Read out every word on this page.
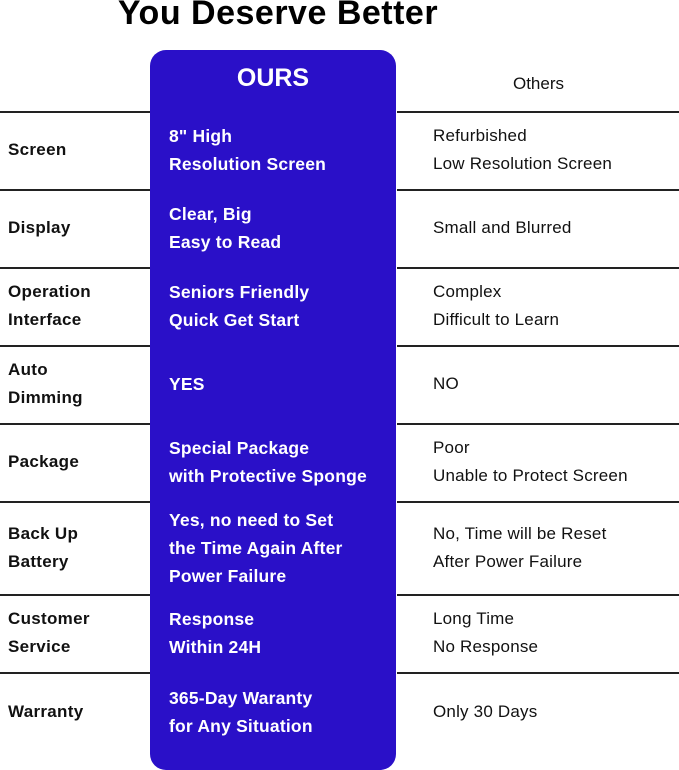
You Deserve Better
OURS	Others
Screen
8" High
Resolution Screen
Refurbished
Low Resolution Screen
Display
Clear, Big
Easy to Read
Small and Blurred
Operation
Interface
Seniors Friendly
Quick Get Start
Complex
Difficult to Learn
Auto
Dimming
YES	NO
Package
Special Package
with Protective Sponge
Poor
Unable to Protect Screen
Back Up
Battery
Yes, no need to Set
the Time Again After
Power Failure
No, Time will be Reset
After Power Failure
Customer
Service
Response
Within 24H
Long Time
No Response
Warranty
365-Day Waranty
for Any Situation
Only 30 Days
